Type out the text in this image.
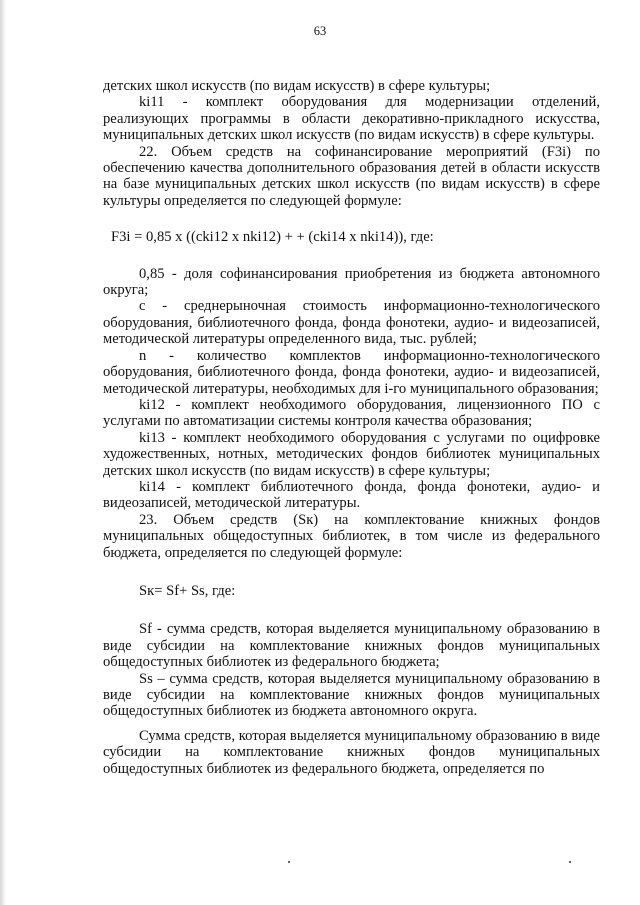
63

детских школ искусств (по видам искусств) в сфере культуры;

ki11 - комплект оборудования для модернизации отделений, реализующих программы в области декоративно-прикладного искусства, муниципальных детских школ искусств (по видам искусств) в сфере культуры.

22. Объем средств на софинансирование мероприятий (F3i) по обеспечению качества дополнительного образования детей в области искусств на базе муниципальных детских школ искусств (по видам искусств) в сфере культуры определяется по следующей формуле:

F3i = 0,85 х ((cki12 x nki12) + + (cki14 x nki14)), где:

0,85 - доля софинансирования приобретения из бюджета автономного округа;

c - среднерыночная стоимость информационно-технологического оборудования, библиотечного фонда, фонда фонотеки, аудио- и видеозаписей, методической литературы определенного вида, тыс. рублей;

n - количество комплектов информационно-технологического оборудования, библиотечного фонда, фонда фонотеки, аудио- и видеозаписей, методической литературы, необходимых для i-го муниципального образования;

ki12 - комплект необходимого оборудования, лицензионного ПО с услугами по автоматизации системы контроля качества образования;

ki13 - комплект необходимого оборудования с услугами по оцифровке художественных, нотных, методических фондов библиотек муниципальных детских школ искусств (по видам искусств) в сфере культуры;

ki14 - комплект библиотечного фонда, фонда фонотеки, аудио- и видеозаписей, методической литературы.

23. Объем средств (Sк) на комплектование книжных фондов муниципальных общедоступных библиотек, в том числе из федерального бюджета, определяется по следующей формуле:

Sк= Sf+ Ss, где:

Sf - сумма средств, которая выделяется муниципальному образованию в виде субсидии на комплектование книжных фондов муниципальных общедоступных библиотек из федерального бюджета;

Ss – сумма средств, которая выделяется муниципальному образованию в виде субсидии на комплектование книжных фондов муниципальных общедоступных библиотек из бюджета автономного округа.

Сумма средств, которая выделяется муниципальному образованию в виде субсидии на комплектование книжных фондов муниципальных общедоступных библиотек из федерального бюджета, определяется по
